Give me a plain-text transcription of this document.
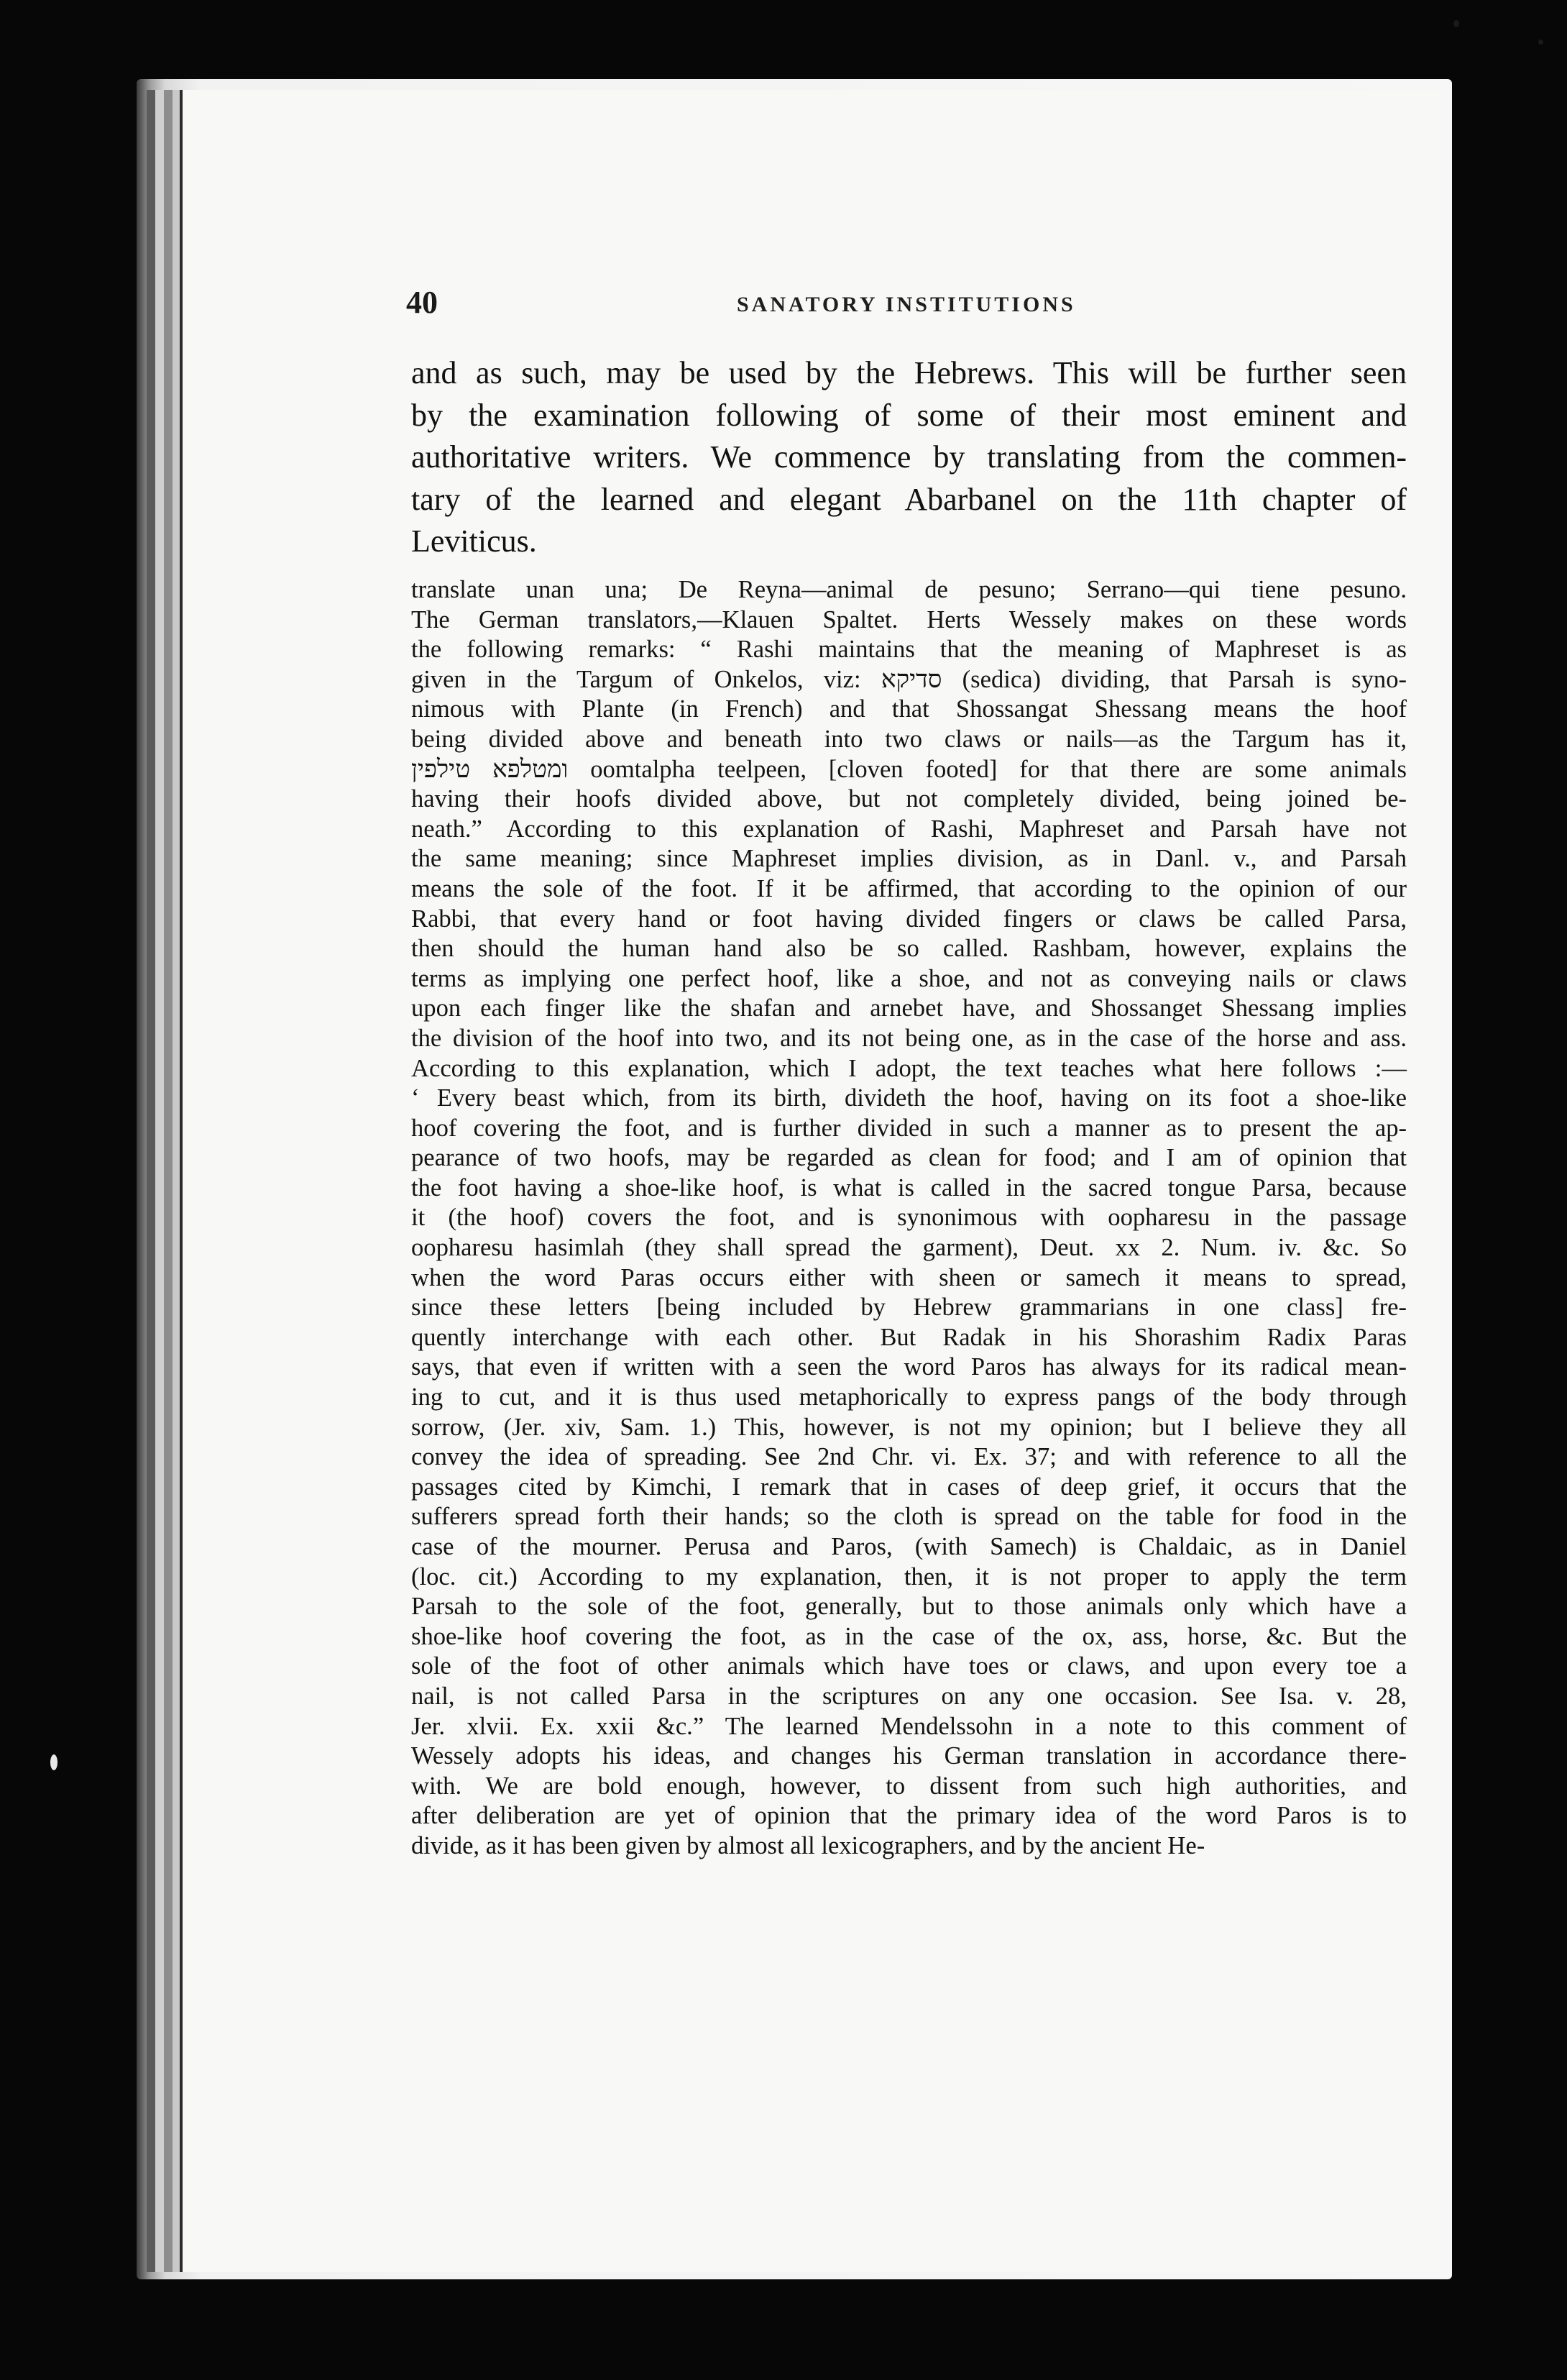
40	SANATORY INSTITUTIONS
and as such, may be used by the Hebrews. This will be further seen
by the examination following of some of their most eminent and
authoritative writers. We commence by translating from the commen-
tary of the learned and elegant Abarbanel on the 11th chapter of
Leviticus.
translate unan una; De Reyna—animal de pesuno; Serrano—qui tiene pesuno.
The German translators,—Klauen Spaltet. Herts Wessely makes on these words
the following remarks: “ Rashi maintains that the meaning of Maphreset is as
given in the Targum of Onkelos, viz: סדיקא (sedica) dividing, that Parsah is syno-
nimous with Plante (in French) and that Shossangat Shessang means the hoof
being divided above and beneath into two claws or nails—as the Targum has it,
ומטלפא טילפין oomtalpha teelpeen, [cloven footed] for that there are some animals
having their hoofs divided above, but not completely divided, being joined be-
neath.” According to this explanation of Rashi, Maphreset and Parsah have not
the same meaning; since Maphreset implies division, as in Danl. v., and Parsah
means the sole of the foot. If it be affirmed, that according to the opinion of our
Rabbi, that every hand or foot having divided fingers or claws be called Parsa,
then should the human hand also be so called. Rashbam, however, explains the
terms as implying one perfect hoof, like a shoe, and not as conveying nails or claws
upon each finger like the shafan and arnebet have, and Shossanget Shessang implies
the division of the hoof into two, and its not being one, as in the case of the horse and ass.
According to this explanation, which I adopt, the text teaches what here follows :—
‘ Every beast which, from its birth, divideth the hoof, having on its foot a shoe-like
hoof covering the foot, and is further divided in such a manner as to present the ap-
pearance of two hoofs, may be regarded as clean for food; and I am of opinion that
the foot having a shoe-like hoof, is what is called in the sacred tongue Parsa, because
it (the hoof) covers the foot, and is synonimous with oopharesu in the passage
oopharesu hasimlah (they shall spread the garment), Deut. xx 2. Num. iv. &c. So
when the word Paras occurs either with sheen or samech it means to spread,
since these letters [being included by Hebrew grammarians in one class] fre-
quently interchange with each other. But Radak in his Shorashim Radix Paras
says, that even if written with a seen the word Paros has always for its radical mean-
ing to cut, and it is thus used metaphorically to express pangs of the body through
sorrow, (Jer. xiv, Sam. 1.) This, however, is not my opinion; but I believe they all
convey the idea of spreading. See 2nd Chr. vi. Ex. 37; and with reference to all the
passages cited by Kimchi, I remark that in cases of deep grief, it occurs that the
sufferers spread forth their hands; so the cloth is spread on the table for food in the
case of the mourner. Perusa and Paros, (with Samech) is Chaldaic, as in Daniel
(loc. cit.) According to my explanation, then, it is not proper to apply the term
Parsah to the sole of the foot, generally, but to those animals only which have a
shoe-like hoof covering the foot, as in the case of the ox, ass, horse, &c. But the
sole of the foot of other animals which have toes or claws, and upon every toe a
nail, is not called Parsa in the scriptures on any one occasion. See Isa. v. 28,
Jer. xlvii. Ex. xxii &c.” The learned Mendelssohn in a note to this comment of
Wessely adopts his ideas, and changes his German translation in accordance there-
with. We are bold enough, however, to dissent from such high authorities, and
after deliberation are yet of opinion that the primary idea of the word Paros is to
divide, as it has been given by almost all lexicographers, and by the ancient He-
